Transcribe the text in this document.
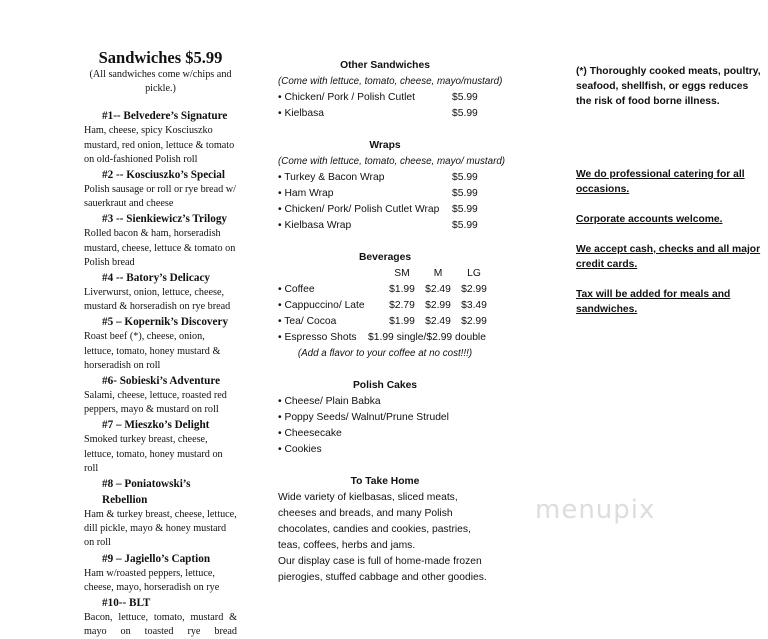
Sandwiches $5.99
(All sandwiches come w/chips and pickle.)
#1-- Belvedere’s Signature
Ham, cheese, spicy Kosciuszko mustard, red onion, lettuce & tomato on old-fashioned Polish roll
#2 -- Kosciuszko’s Special
Polish sausage or roll or rye bread w/ sauerkraut and cheese
#3 -- Sienkiewicz’s Trilogy
Rolled bacon & ham, horseradish mustard, cheese, lettuce & tomato on Polish bread
#4 -- Batory’s Delicacy
Liverwurst, onion, lettuce, cheese, mustard & horseradish on rye bread
#5 – Kopernik’s Discovery
Roast beef (*), cheese, onion, lettuce, tomato, honey mustard & horseradish on roll
#6- Sobieski’s Adventure
Salami, cheese, lettuce, roasted red peppers, mayo & mustard on roll
#7 – Mieszko’s Delight
Smoked turkey breast, cheese, lettuce, tomato, honey mustard on roll
#8 – Poniatowski’s Rebellion
Ham & turkey breast, cheese, lettuce, dill pickle, mayo & honey mustard on roll
#9 – Jagiello’s Caption
Ham w/roasted peppers, lettuce, cheese, mayo, horseradish on rye
#10-- BLT
Bacon, lettuce, tomato, mustard & mayo on toasted rye bread
Other Sandwiches
(Come with lettuce, tomato, cheese, mayo/mustard)
• Chicken/ Pork / Polish Cutlet	$5.99
• Kielbasa	$5.99
Wraps
(Come with lettuce, tomato, cheese, mayo/ mustard)
• Turkey & Bacon Wrap	$5.99
• Ham Wrap	$5.99
• Chicken/ Pork/ Polish Cutlet Wrap	$5.99
• Kielbasa Wrap	$5.99
Beverages
SM	M	LG
• Coffee	$1.99 $2.49 $2.99
• Cappuccino/ Late	$2.79 $2.99 $3.49
• Tea/ Cocoa	$1.99 $2.49 $2.99
• Espresso Shots	$1.99 single/$2.99 double
(Add a flavor to your coffee at no cost!!!)
Polish Cakes
• Cheese/ Plain Babka
• Poppy Seeds/ Walnut/Prune Strudel
• Cheesecake
• Cookies
To Take Home
Wide variety of kielbasas, sliced meats, cheeses and breads, and many Polish chocolates, candies and cookies, pastries, teas, coffees, herbs and jams.
Our display case is full of home-made frozen pierogies, stuffed cabbage and other goodies.
(*) Thoroughly cooked meats, poultry, seafood, shellfish, or eggs reduces the risk of food borne illness.
We do professional catering for all occasions.
Corporate accounts welcome.
We accept cash, checks and all major credit cards.
Tax will be added for meals and sandwiches.
menupix
